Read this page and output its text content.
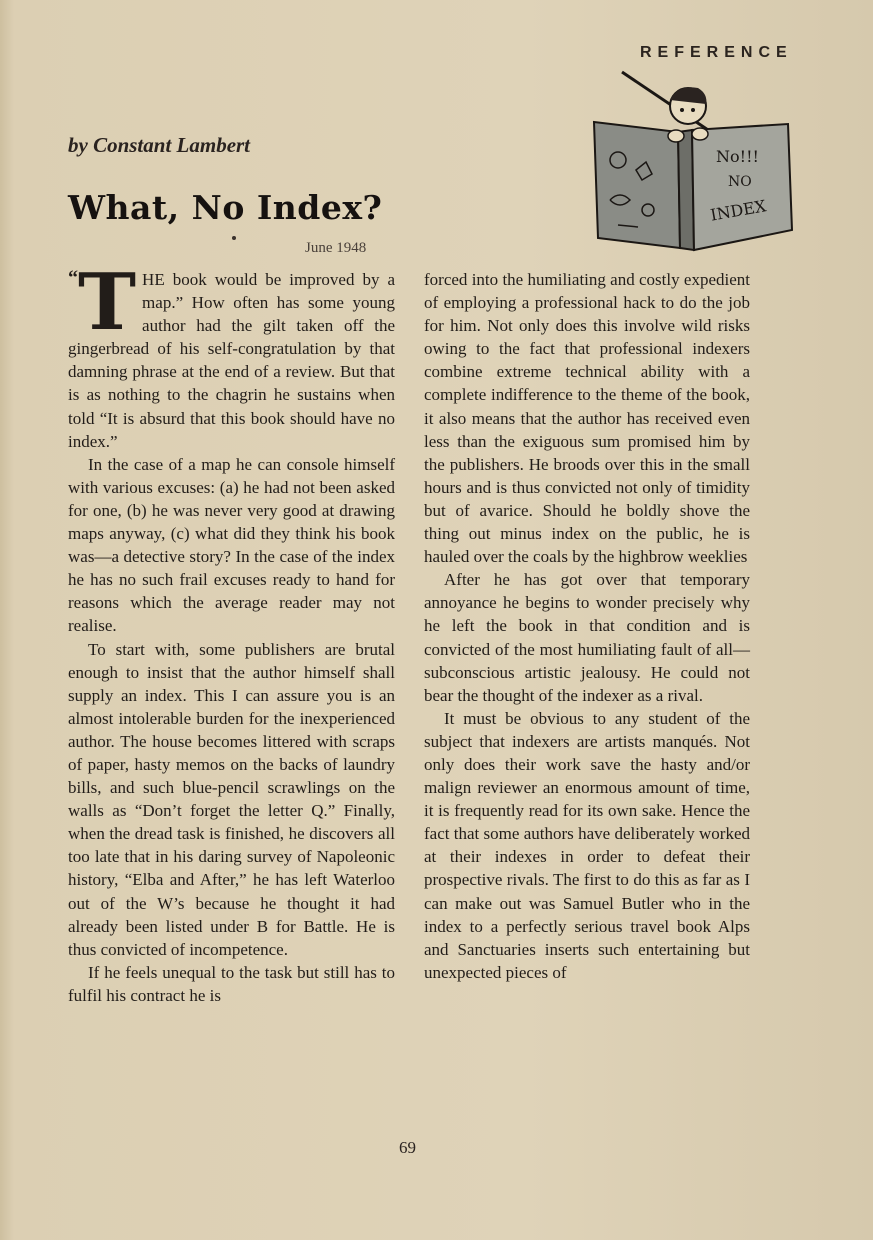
REFERENCE
No!!!
NO
INDEX
by Constant Lambert
What, No Index?
June 1948

“ T HE book would be improved by a map.” How often has some young author had the gilt taken off the gingerbread of his self-congratulation by that damning phrase at the end of a review. But that is as nothing to the chagrin he sustains when told “It is absurd that this book should have no index.”

In the case of a map he can console himself with various excuses: (a) he had not been asked for one, (b) he was never very good at drawing maps anyway, (c) what did they think his book was—a detective story? In the case of the index he has no such frail excuses ready to hand for reasons which the average reader may not realise.

To start with, some publishers are brutal enough to insist that the author himself shall supply an index. This I can assure you is an almost intolerable burden for the inexperienced author. The house becomes littered with scraps of paper, hasty memos on the backs of laundry bills, and such blue-pencil scrawlings on the walls as “Don’t forget the letter Q.” Finally, when the dread task is finished, he discovers all too late that in his daring survey of Napoleonic history, “Elba and After,” he has left Waterloo out of the W’s because he thought it had already been listed under B for Battle. He is thus convicted of incompetence.

If he feels unequal to the task but still has to fulfil his contract he is

forced into the humiliating and costly expedient of employing a professional hack to do the job for him. Not only does this involve wild risks owing to the fact that professional indexers combine extreme technical ability with a complete indifference to the theme of the book, it also means that the author has received even less than the exiguous sum promised him by the publishers. He broods over this in the small hours and is thus convicted not only of timidity but of avarice. Should he boldly shove the thing out minus index on the public, he is hauled over the coals by the highbrow weeklies

After he has got over that temporary annoyance he begins to wonder precisely why he left the book in that condition and is convicted of the most humiliating fault of all—subconscious artistic jealousy. He could not bear the thought of the indexer as a rival.

It must be obvious to any student of the subject that indexers are artists manqués. Not only does their work save the hasty and/or malign reviewer an enormous amount of time, it is frequently read for its own sake. Hence the fact that some authors have deliberately worked at their indexes in order to defeat their prospective rivals. The first to do this as far as I can make out was Samuel Butler who in the index to a perfectly serious travel book Alps and Sanctuaries inserts such entertaining but unexpected pieces of

69
